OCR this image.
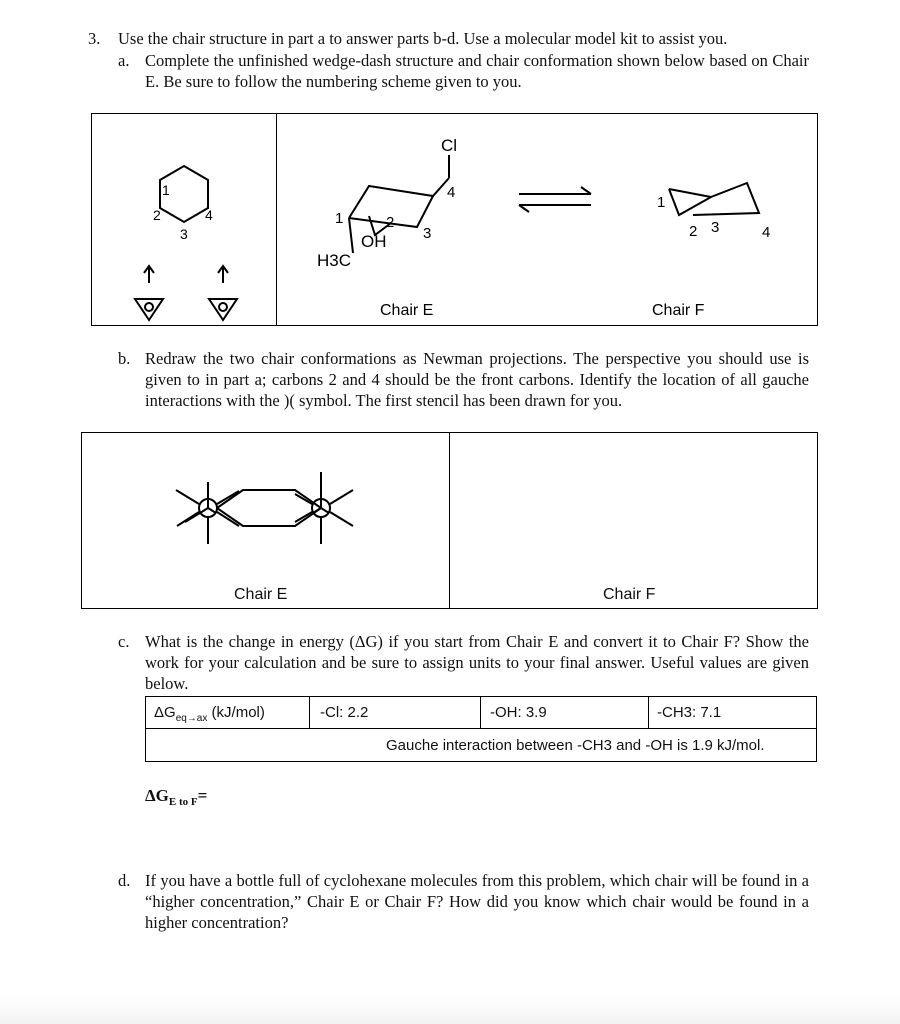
3. Use the chair structure in part a to answer parts b-d. Use a molecular model kit to assist you.
a. Complete the unfinished wedge-dash structure and chair conformation shown below based on Chair E. Be sure to follow the numbering scheme given to you.
1
2
3
4
Cl
4
1	2
3
OH
H3C
Chair E
1
2 3	4
Chair F
b. Redraw the two chair conformations as Newman projections. The perspective you should use is given to in part a; carbons 2 and 4 should be the front carbons. Identify the location of all gauche interactions with the )( symbol. The first stencil has been drawn for you.
Chair E	Chair F
c. What is the change in energy (ΔG) if you start from Chair E and convert it to Chair F? Show the work for your calculation and be sure to assign units to your final answer. Useful values are given below.
$\Delta G_{eq\to ax}$ (kJ/mol)	-Cl: 2.2	-OH: 3.9	-CH3: 7.1
Gauche interaction between -CH3 and -OH is 1.9 kJ/mol.
$\Delta G_{E to F}=$
d. If you have a bottle full of cyclohexane molecules from this problem, which chair will be found in a “higher concentration,” Chair E or Chair F? How did you know which chair would be found in a higher concentration?
